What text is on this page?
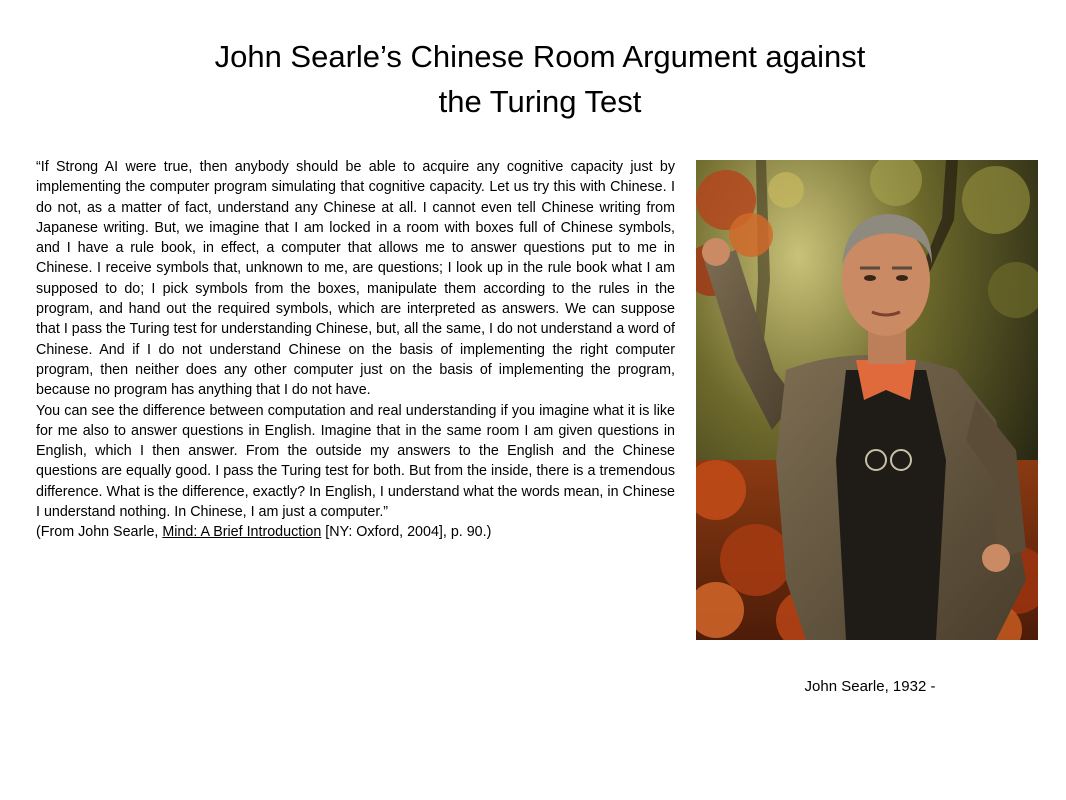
John Searle’s Chinese Room Argument against
the Turing Test

“If Strong AI were true, then anybody should be able to acquire any cognitive capacity just by implementing the computer program simulating that cognitive capacity. Let us try this with Chinese. I do not, as a matter of fact, understand any Chinese at all. I cannot even tell Chinese writing from Japanese writing. But, we imagine that I am locked in a room with boxes full of Chinese symbols, and I have a rule book, in effect, a computer that allows me to answer questions put to me in Chinese. I receive symbols that, unknown to me, are questions; I look up in the rule book what I am supposed to do; I pick symbols from the boxes, manipulate them according to the rules in the program, and hand out the required symbols, which are interpreted as answers. We can suppose that I pass the Turing test for understanding Chinese, but, all the same, I do not understand a word of Chinese. And if I do not understand Chinese on the basis of implementing the right computer program, then neither does any other computer just on the basis of implementing the program, because no program has anything that I do not have.

You can see the difference between computation and real understanding if you imagine what it is like for me also to answer questions in English. Imagine that in the same room I am given questions in English, which I then answer. From the outside my answers to the English and the Chinese questions are equally good. I pass the Turing test for both. But from the inside, there is a tremendous difference. What is the difference, exactly? In English, I understand what the words mean, in Chinese I understand nothing. In Chinese, I am just a computer.”

(From John Searle, Mind: A Brief Introduction [NY: Oxford, 2004], p. 90.)

John Searle, 1932 -
